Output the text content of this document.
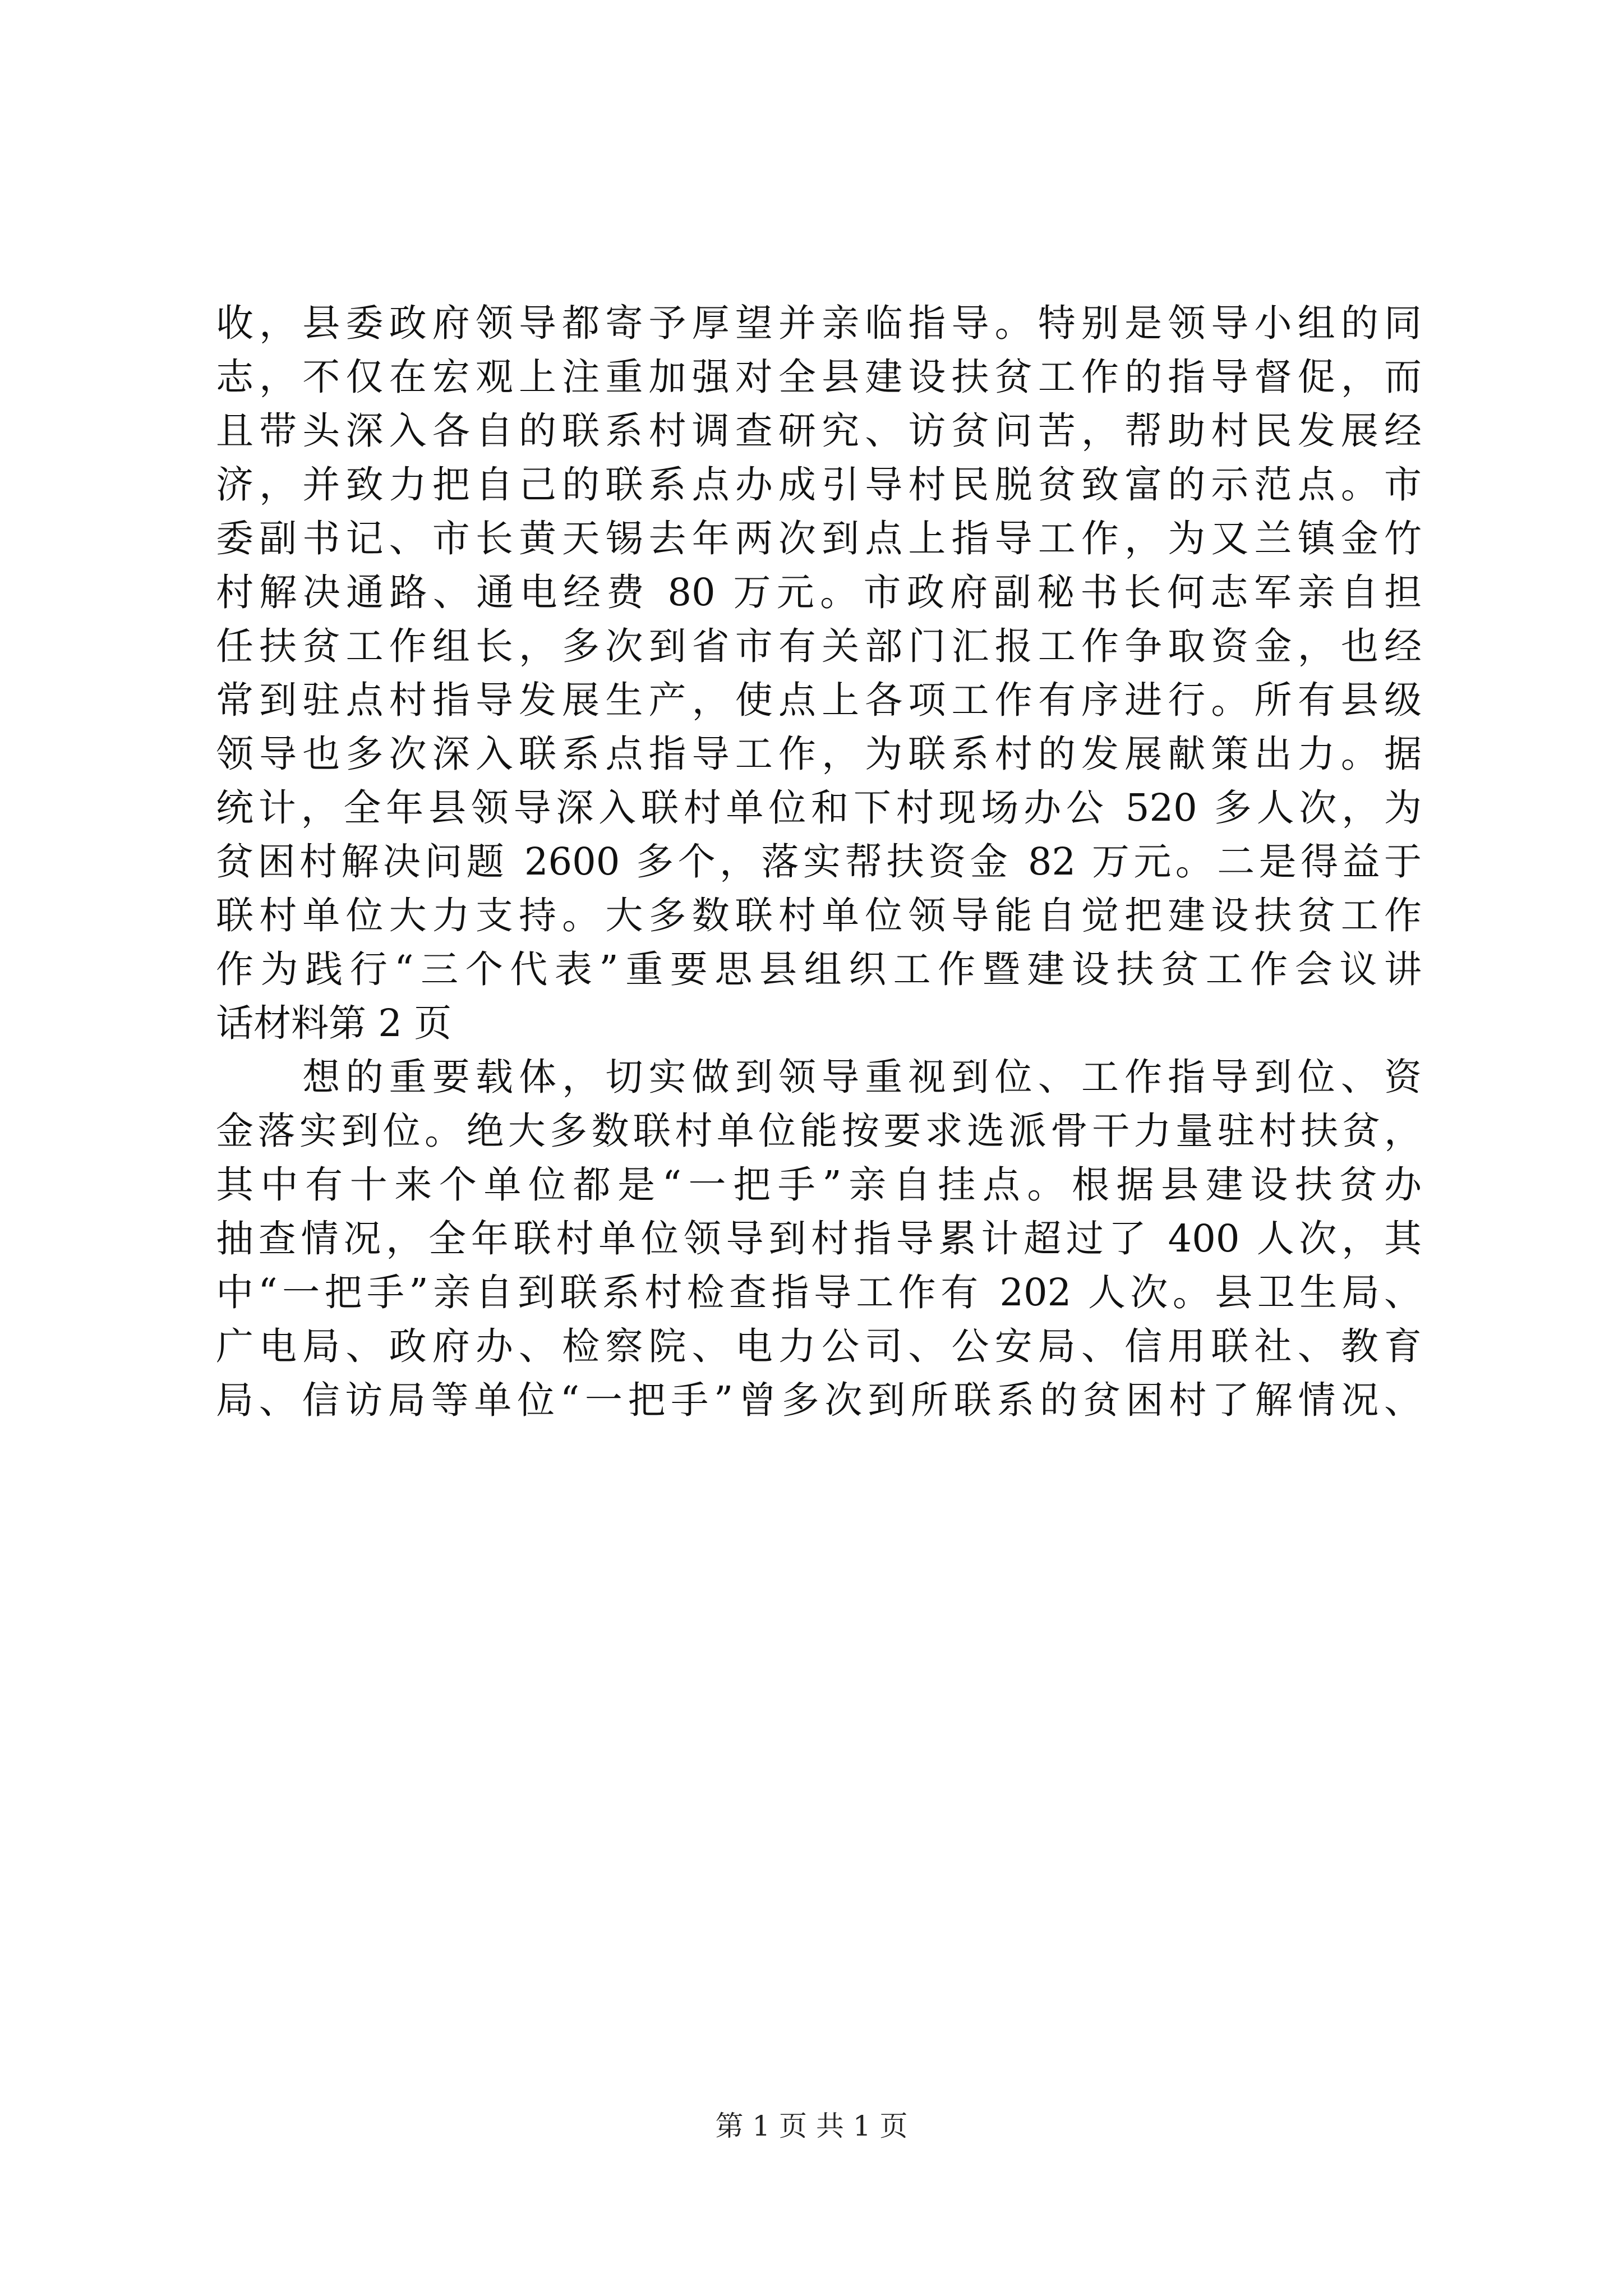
收，县委政府领导都寄予厚望并亲临指导。特别是领导小组的同
志，不仅在宏观上注重加强对全县建设扶贫工作的指导督促，而
且带头深入各自的联系村调查研究、访贫问苦，帮助村民发展经
济，并致力把自己的联系点办成引导村民脱贫致富的示范点。市
委副书记、市长黄天锡去年两次到点上指导工作，为又兰镇金竹
村解决通路、通电经费 80 万元。市政府副秘书长何志军亲自担
任扶贫工作组长，多次到省市有关部门汇报工作争取资金，也经
常到驻点村指导发展生产，使点上各项工作有序进行。所有县级
领导也多次深入联系点指导工作，为联系村的发展献策出力。据
统计，全年县领导深入联村单位和下村现场办公 520 多人次，为
贫困村解决问题 2600 多个，落实帮扶资金 82 万元。二是得益于
联村单位大力支持。大多数联村单位领导能自觉把建设扶贫工作
作为践行“三个代表”重要思县组织工作暨建设扶贫工作会议讲
话材料第 2 页
　　想的重要载体，切实做到领导重视到位、工作指导到位、资
金落实到位。绝大多数联村单位能按要求选派骨干力量驻村扶贫，
其中有十来个单位都是“一把手”亲自挂点。根据县建设扶贫办
抽查情况，全年联村单位领导到村指导累计超过了 400 人次，其
中“一把手”亲自到联系村检查指导工作有 202 人次。县卫生局、
广电局、政府办、检察院、电力公司、公安局、信用联社、教育
局、信访局等单位“一把手”曾多次到所联系的贫困村了解情况、
第 1 页 共 1 页
